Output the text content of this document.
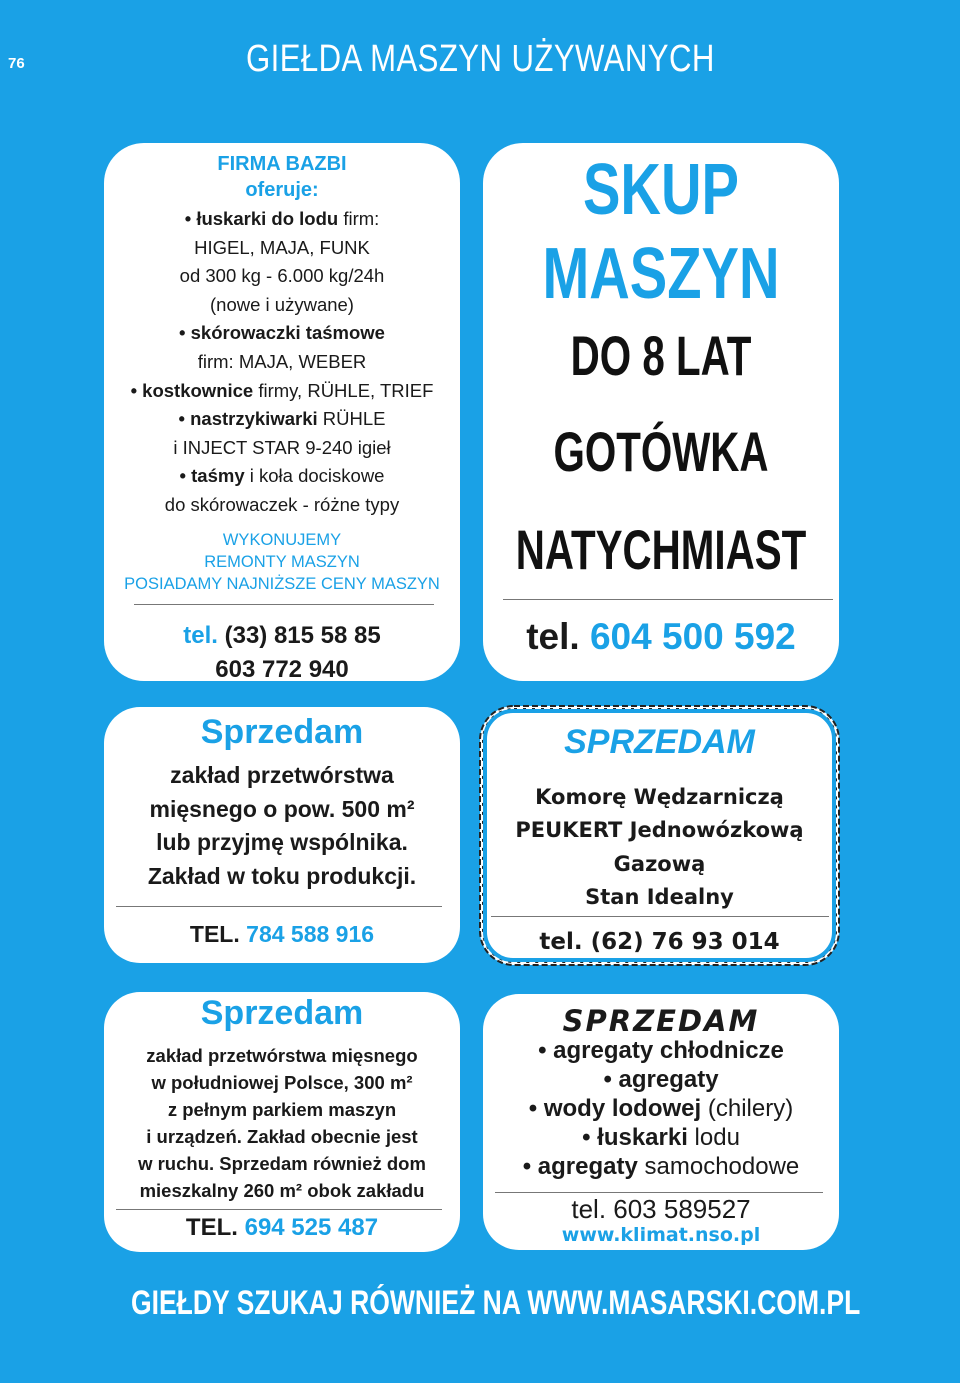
76	GIEŁDA MASZYN UŻYWANYCH
FIRMA BAZBI
oferuje:
• łuskarki do lodu firm:
HIGEL, MAJA, FUNK
od 300 kg - 6.000 kg/24h
(nowe i używane)
• skórowaczki taśmowe
firm: MAJA, WEBER
• kostkownice firmy, RÜHLE, TRIEF
• nastrzykiwarki RÜHLE
i INJECT STAR 9-240 igieł
• taśmy i koła dociskowe
do skórowaczek - różne typy
WYKONUJEMY
REMONTY MASZYN
POSIADAMY NAJNIŻSZE CENY MASZYN
tel. (33) 815 58 85
603 772 940
SKUP
MASZYN
DO 8 LAT
GOTÓWKA
NATYCHMIAST
tel. 604 500 592
Sprzedam
zakład przetwórstwa
mięsnego o pow. 500 m²
lub przyjmę wspólnika.
Zakład w toku produkcji.
TEL. 784 588 916
SPRZEDAM
Komorę Wędzarniczą
PEUKERT Jednowózkową
Gazową
Stan Idealny
tel. (62) 76 93 014
Sprzedam
zakład przetwórstwa mięsnego
w południowej Polsce, 300 m²
z pełnym parkiem maszyn
i urządzeń. Zakład obecnie jest
w ruchu. Sprzedam również dom
mieszkalny 260 m² obok zakładu
TEL. 694 525 487
SPRZEDAM
• agregaty chłodnicze
• agregaty
• wody lodowej (chilery)
• łuskarki lodu
• agregaty samochodowe
tel. 603 589527
www.klimat.nso.pl
GIEŁDY SZUKAJ RÓWNIEŻ NA WWW.MASARSKI.COM.PL
